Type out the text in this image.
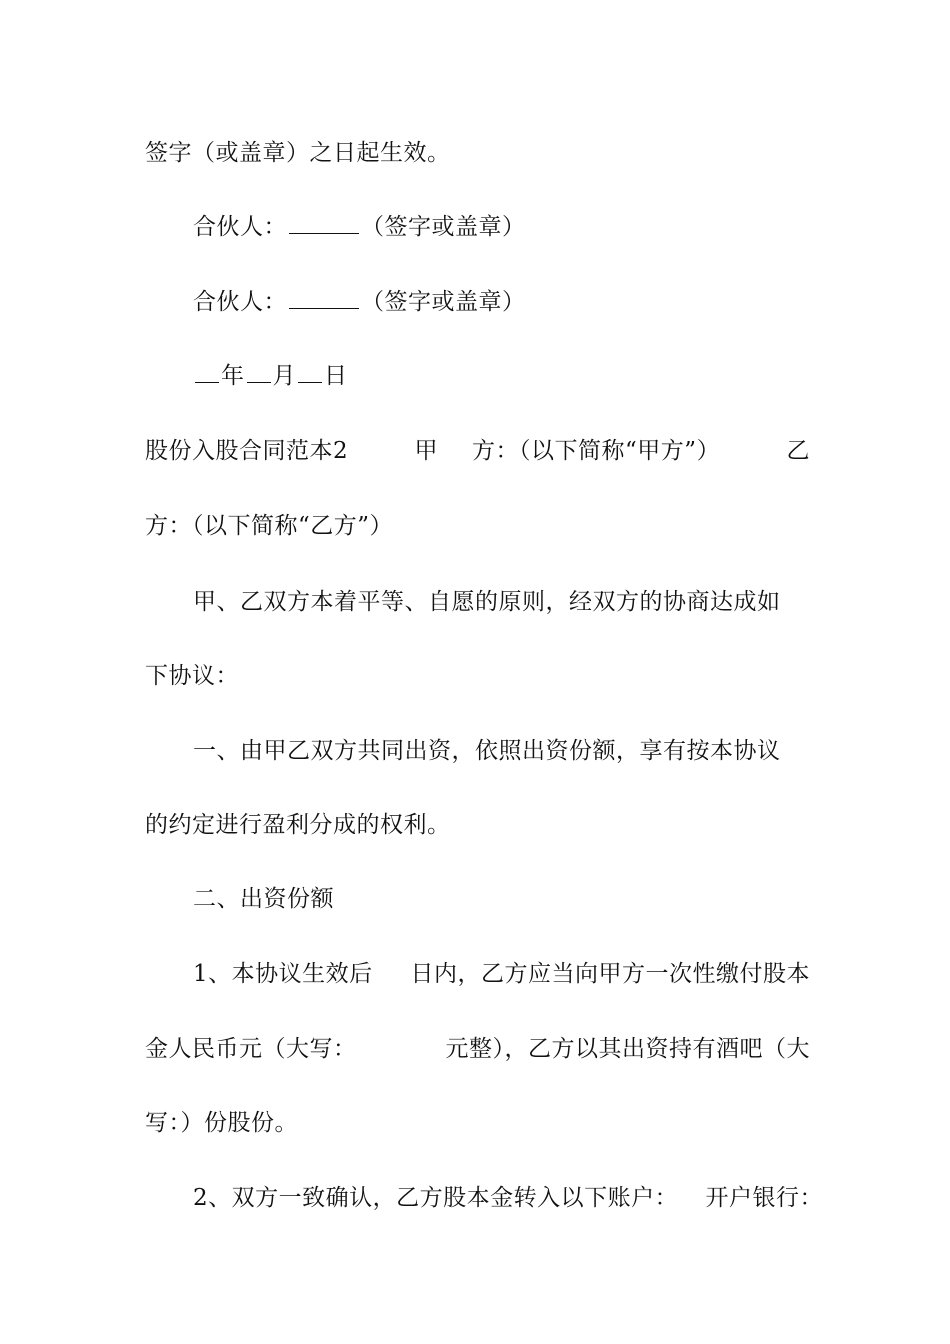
签字（或盖章）之日起生效。
合伙人：	（签字或盖章）
合伙人：	（签字或盖章）
年 月 日
股份入股合同范本2	甲 方：（以下简称“甲方”）	乙
方：（以下简称“乙方”）
甲、乙双方本着平等、自愿的原则，经双方的协商达成如
下协议：
一、由甲乙双方共同出资，依照出资份额，享有按本协议
的约定进行盈利分成的权利。
二、出资份额
1、本协议生效后 日内，乙方应当向甲方一次性缴付股本
金人民币元（大写：	元整），乙方以其出资持有酒吧（大
写：）份股份。
2、双方一致确认，乙方股本金转入以下账户： 开户银行：
